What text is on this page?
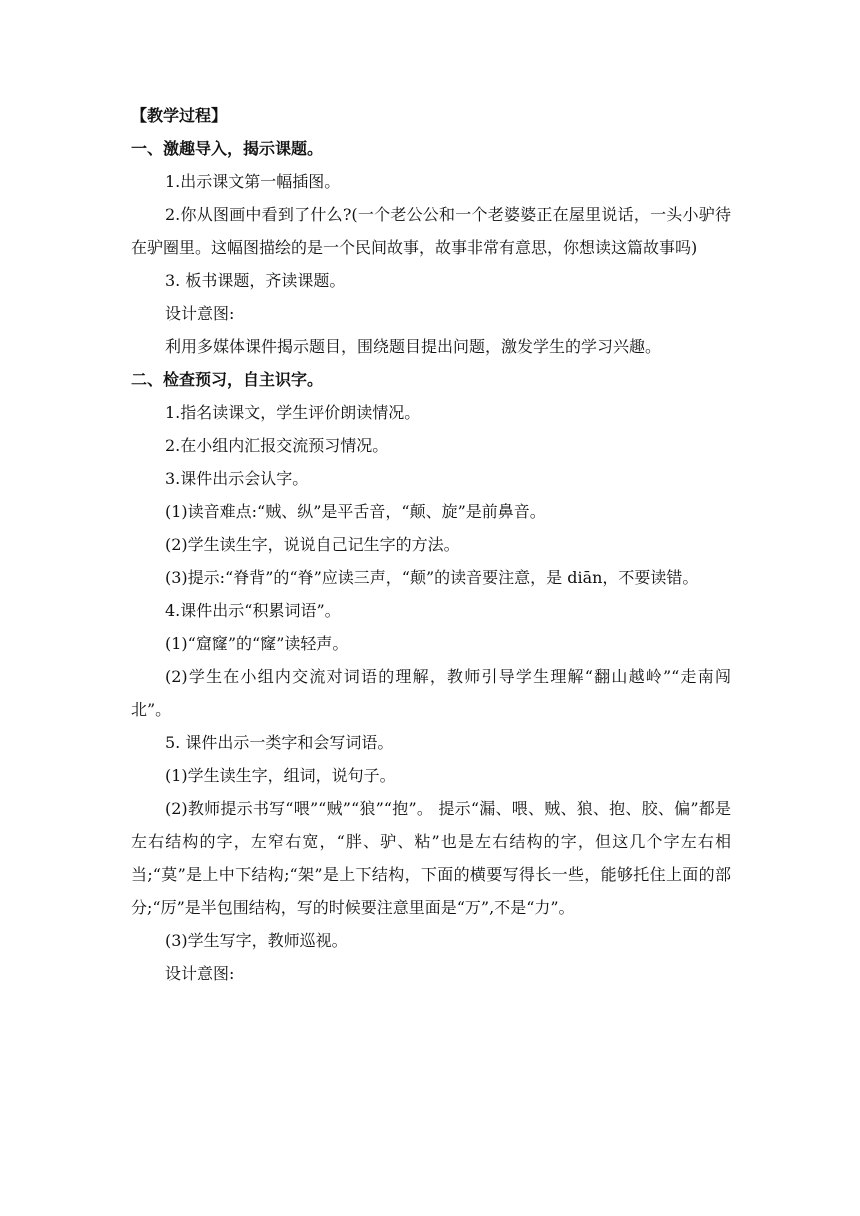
【教学过程】

一、激趣导入，揭示课题。

1.出示课文第一幅插图。

2.你从图画中看到了什么?(一个老公公和一个老婆婆正在屋里说话，一头小驴待在驴圈里。这幅图描绘的是一个民间故事，故事非常有意思，你想读这篇故事吗)

3. 板书课题，齐读课题。

设计意图:

利用多媒体课件揭示题目，围绕题目提出问题，激发学生的学习兴趣。

二、检查预习，自主识字。

1.指名读课文，学生评价朗读情况。

2.在小组内汇报交流预习情况。

3.课件出示会认字。

(1)读音难点:“贼、纵”是平舌音，“颠、旋”是前鼻音。

(2)学生读生字，说说自己记生字的方法。

(3)提示:“脊背”的“脊”应读三声，“颠”的读音要注意，是 diān，不要读错。

4.课件出示“积累词语”。

(1)“窟窿”的“窿”读轻声。

(2)学生在小组内交流对词语的理解，教师引导学生理解“翻山越岭”“走南闯北”。

5. 课件出示一类字和会写词语。

(1)学生读生字，组词，说句子。

(2)教师提示书写“喂”“贼”“狼”“抱”。 提示“漏、喂、贼、狼、抱、胶、偏”都是左右结构的字，左窄右宽，“胖、驴、粘”也是左右结构的字，但这几个字左右相当;“莫”是上中下结构;“架”是上下结构，下面的横要写得长一些，能够托住上面的部分;“厉”是半包围结构，写的时候要注意里面是“万”,不是“力”。

(3)学生写字，教师巡视。

设计意图:
